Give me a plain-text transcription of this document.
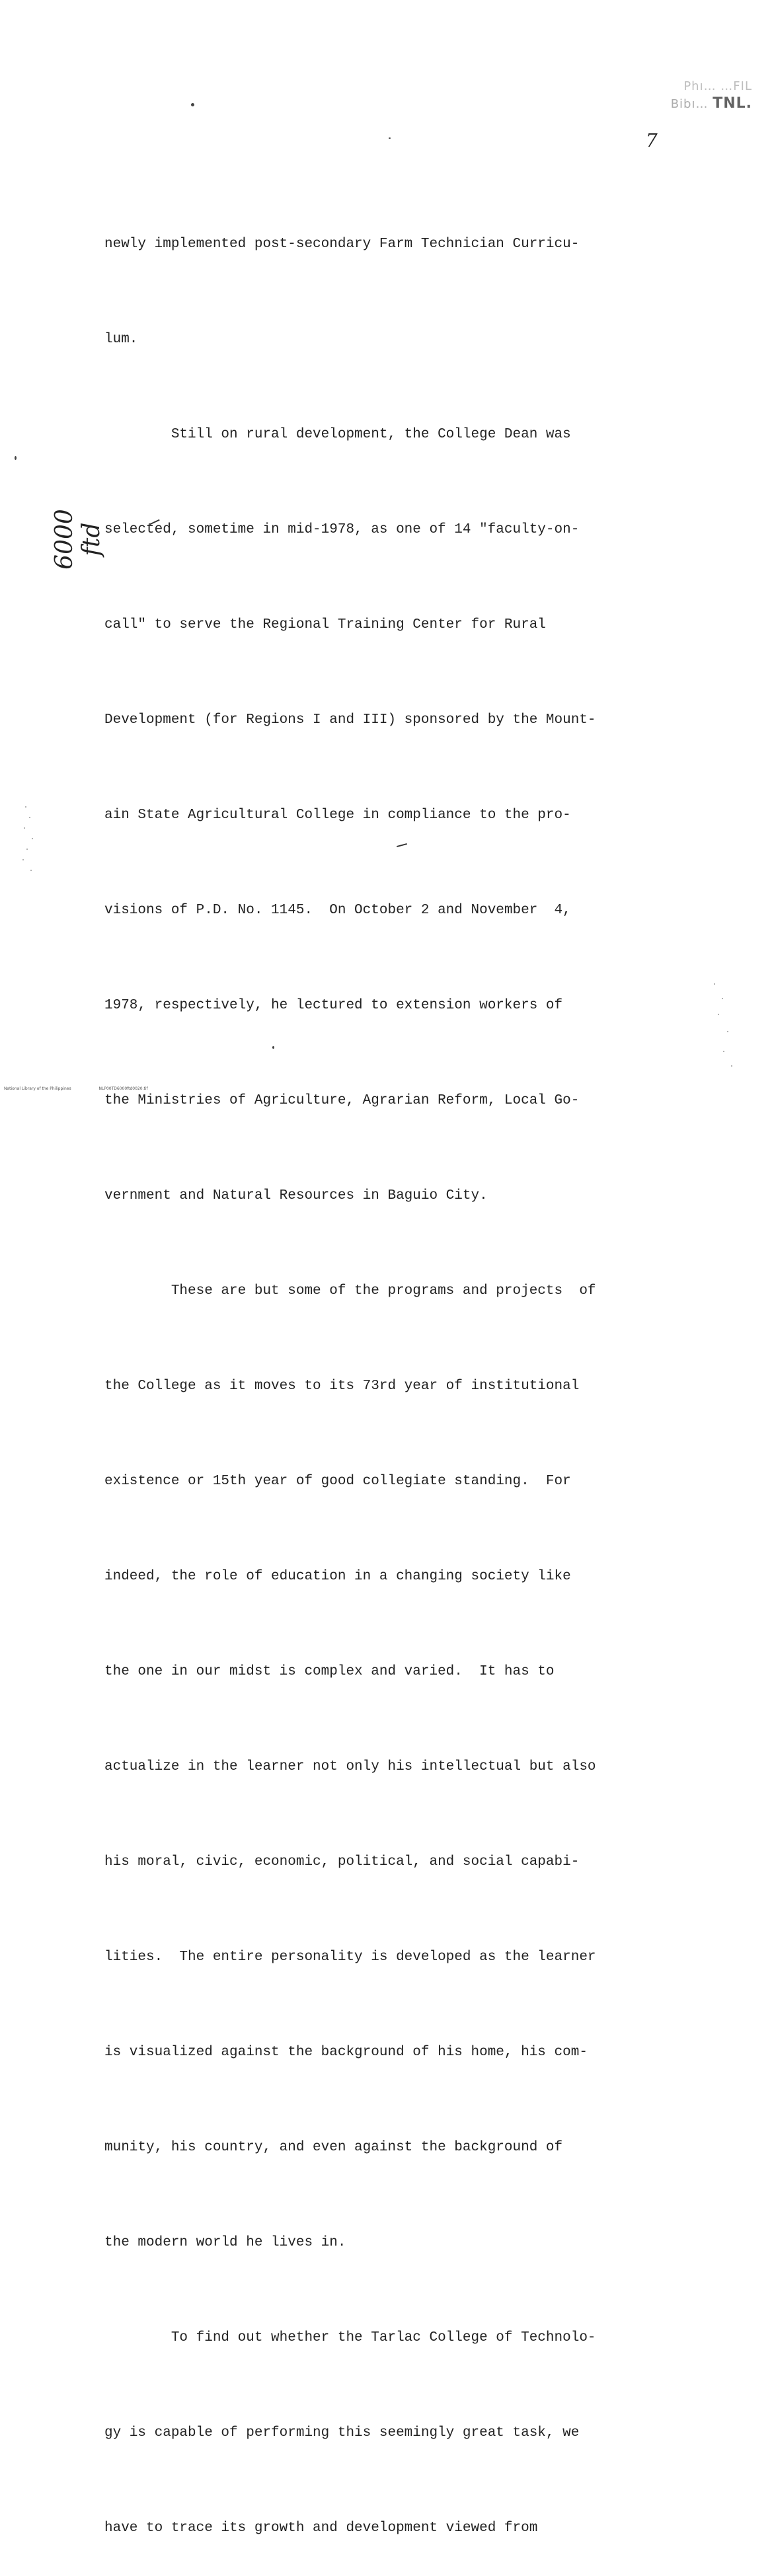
Phı… …FIL
Bibı… TNL.
7

newly implemented post-secondary Farm Technician Curricu-

lum.

Still on rural development, the College Dean was

selected, sometime in mid-1978, as one of 14 "faculty-on-

call" to serve the Regional Training Center for Rural

Development (for Regions I and III) sponsored by the Mount-

ain State Agricultural College in compliance to the pro-

visions of P.D. No. 1145.  On October 2 and November  4,

1978, respectively, he lectured to extension workers of

the Ministries of Agriculture, Agrarian Reform, Local Go-

vernment and Natural Resources in Baguio City.

These are but some of the programs and projects  of

the College as it moves to its 73rd year of institutional

existence or 15th year of good collegiate standing.  For

indeed, the role of education in a changing society like

the one in our midst is complex and varied.  It has to

actualize in the learner not only his intellectual but also

his moral, civic, economic, political, and social capabi-

lities.  The entire personality is developed as the learner

is visualized against the background of his home, his com-

munity, his country, and even against the background of

the modern world he lives in.

To find out whether the Tarlac College of Technolo-

gy is capable of performing this seemingly great task, we

have to trace its growth and development viewed from

6000 ftd
National Library of the Philippines	NLP00TD6000ftd0020.tif
